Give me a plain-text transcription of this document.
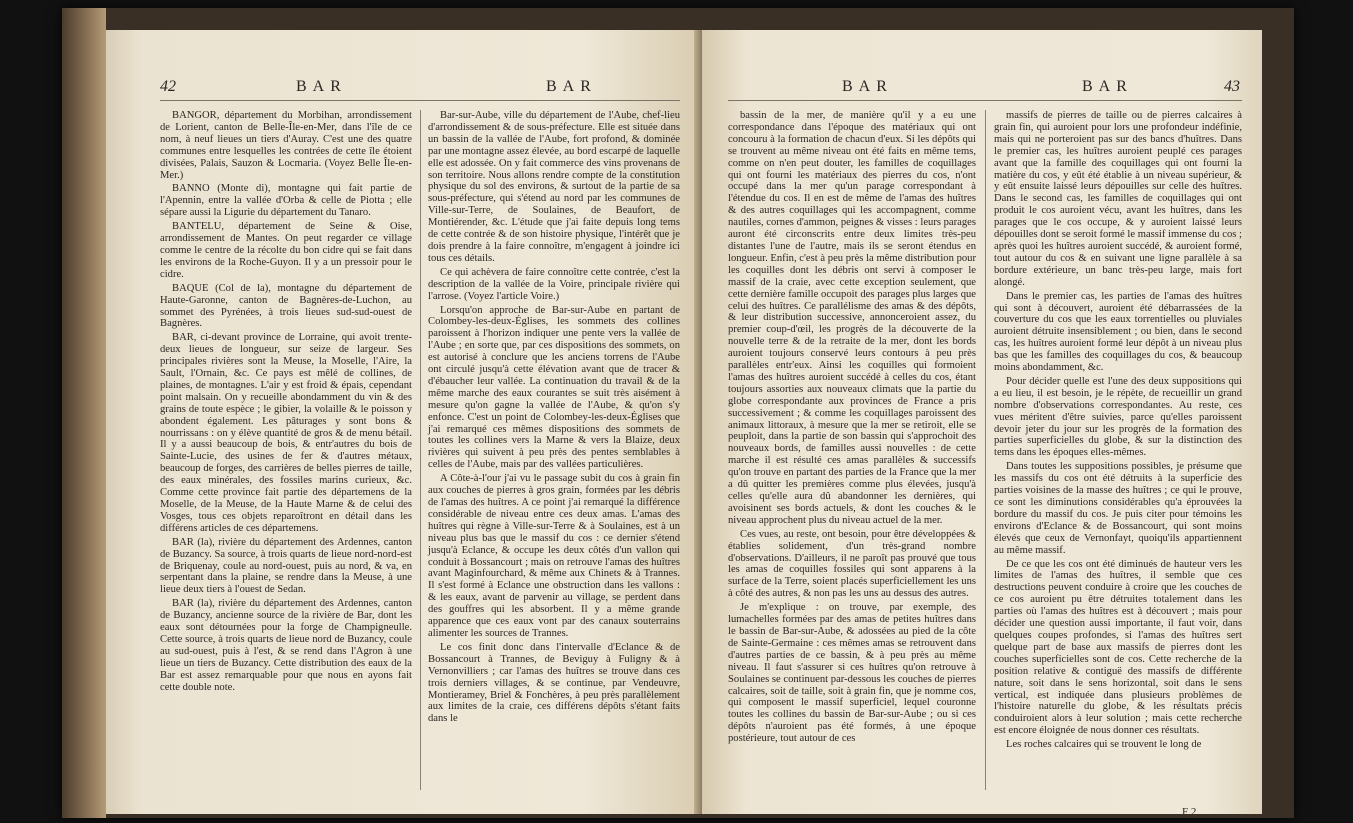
42	BAR	BAR

BANGOR, département du Morbihan, arrondissement de Lorient, canton de Belle-Île-en-Mer, dans l'île de ce nom, à neuf lieues un tiers d'Auray. C'est une des quatre communes entre lesquelles les contrées de cette île étoient divisées, Palais, Sauzon & Locmaria. (Voyez Belle Île-en-Mer.)

BANNO (Monte di), montagne qui fait partie de l'Apennin, entre la vallée d'Orba & celle de Piotta ; elle sépare aussi la Ligurie du département du Tanaro.

BANTELU, département de Seine & Oise, arrondissement de Mantes. On peut regarder ce village comme le centre de la récolte du bon cidre qui se fait dans les environs de la Roche-Guyon. Il y a un pressoir pour le cidre.

BAQUE (Col de la), montagne du département de Haute-Garonne, canton de Bagnères-de-Luchon, au sommet des Pyrénées, à trois lieues sud-sud-ouest de Bagnères.

BAR, ci-devant province de Lorraine, qui avoit trente-deux lieues de longueur, sur seize de largeur. Ses principales rivières sont la Meuse, la Moselle, l'Aire, la Sault, l'Ornain, &c. Ce pays est mêlé de collines, de plaines, de montagnes. L'air y est froid & épais, cependant point malsain. On y recueille abondamment du vin & des grains de toute espèce ; le gibier, la volaille & le poisson y abondent également. Les pâturages y sont bons & nourrissans : on y élève quantité de gros & de menu bétail. Il y a aussi beaucoup de bois, & entr'autres du bois de Sainte-Lucie, des usines de fer & d'autres métaux, beaucoup de forges, des carrières de belles pierres de taille, des eaux minérales, des fossiles marins curieux, &c. Comme cette province fait partie des départemens de la Moselle, de la Meuse, de la Haute Marne & de celui des Vosges, tous ces objets reparoîtront en détail dans les différens articles de ces départemens.

BAR (la), rivière du département des Ardennes, canton de Buzancy. Sa source, à trois quarts de lieue nord-nord-est de Briquenay, coule au nord-ouest, puis au nord, & va, en serpentant dans la plaine, se rendre dans la Meuse, à une lieue deux tiers à l'ouest de Sedan.

BAR (la), rivière du département des Ardennes, canton de Buzancy, ancienne source de la rivière de Bar, dont les eaux sont détournées pour la forge de Champigneulle. Cette source, à trois quarts de lieue nord de Buzancy, coule au sud-ouest, puis à l'est, & se rend dans l'Agron à une lieue un tiers de Buzancy. Cette distribution des eaux de la Bar est assez remarquable pour que nous en ayons fait cette double note.

Bar-sur-Aube, ville du département de l'Aube, chef-lieu d'arrondissement & de sous-préfecture. Elle est située dans un bassin de la vallée de l'Aube, fort profond, & dominée par une montagne assez élevée, au bord escarpé de laquelle elle est adossée. On y fait commerce des vins provenans de son territoire. Nous allons rendre compte de la constitution physique du sol des environs, & surtout de la partie de sa sous-préfecture, qui s'étend au nord par les communes de Ville-sur-Terre, de Soulaines, de Beaufort, de Montiérender, &c. L'étude que j'ai faite depuis long tems de cette contrée & de son histoire physique, l'intérêt que je dois prendre à la faire connoître, m'engagent à joindre ici tous ces détails.

Ce qui achèvera de faire connoître cette contrée, c'est la description de la vallée de la Voire, principale rivière qui l'arrose. (Voyez l'article Voire.)

Lorsqu'on approche de Bar-sur-Aube en partant de Colombey-les-deux-Églises, les sommets des collines paroissent à l'horizon indiquer une pente vers la vallée de l'Aube ; en sorte que, par ces dispositions des sommets, on est autorisé à conclure que les anciens torrens de l'Aube ont circulé jusqu'à cette élévation avant que de tracer & d'ébaucher leur vallée. La continuation du travail & de la même marche des eaux courantes se suit très aisément à mesure qu'on gagne la vallée de l'Aube, & qu'on s'y enfonce. C'est un point de Colombey-les-deux-Églises que j'ai remarqué ces mêmes dispositions des sommets de toutes les collines vers la Marne & vers la Blaize, deux rivières qui suivent à peu près des pentes semblables à celles de l'Aube, mais par des vallées particulières.

A Côte-à-l'our j'ai vu le passage subit du cos à grain fin aux couches de pierres à gros grain, formées par les débris de l'amas des huîtres. A ce point j'ai remarqué la différence considérable de niveau entre ces deux amas. L'amas des huîtres qui règne à Ville-sur-Terre & à Soulaines, est à un niveau plus bas que le massif du cos : ce dernier s'étend jusqu'à Eclance, & occupe les deux côtés d'un vallon qui conduit à Bossancourt ; mais on retrouve l'amas des huîtres avant Maginfourchard, & même aux Chinets & à Trannes. Il s'est formé à Eclance une obstruction dans les vallons : & les eaux, avant de parvenir au village, se perdent dans des gouffres qui les absorbent. Il y a même grande apparence que ces eaux vont par des canaux souterrains alimenter les sources de Trannes.

Le cos finit donc dans l'intervalle d'Eclance & de Bossancourt à Trannes, de Beviguy à Fuligny & à Vernonvilliers ; car l'amas des huîtres se trouve dans ces trois derniers villages, & se continue, par Vendeuvre, Montieramey, Briel & Fonchères, à peu près parallèlement aux limites de la craie, ces différens dépôts s'étant faits dans le

BAR	BAR	43

bassin de la mer, de manière qu'il y a eu une correspondance dans l'époque des matériaux qui ont concouru à la formation de chacun d'eux. Si les dépôts qui se trouvent au même niveau ont été faits en même tems, comme on n'en peut douter, les familles de coquillages qui ont fourni les matériaux des pierres du cos, n'ont occupé dans la mer qu'un parage correspondant à l'étendue du cos. Il en est de même de l'amas des huîtres & des autres coquillages qui les accompagnent, comme nautiles, cornes d'ammon, peignes & visses : leurs parages auront été circonscrits entre deux limites très-peu distantes l'une de l'autre, mais ils se seront étendus en longueur. Enfin, c'est à peu près la même distribution pour les coquilles dont les débris ont servi à composer le massif de la craie, avec cette exception seulement, que cette dernière famille occupoit des parages plus larges que celui des huîtres. Ce parallélisme des amas & des dépôts, & leur distribution successive, annonceroient assez, du premier coup-d'œil, les progrès de la découverte de la nouvelle terre & de la retraite de la mer, dont les bords auroient toujours conservé leurs contours à peu près parallèles entr'eux. Ainsi les coquilles qui formoient l'amas des huîtres auroient succédé à celles du cos, étant toujours assorties aux nouveaux climats que la partie du globe correspondante aux provinces de France a pris successivement ; & comme les coquillages paroissent des animaux littoraux, à mesure que la mer se retiroit, elle se peuploit, dans la partie de son bassin qui s'approchoit des nouveaux bords, de familles aussi nouvelles : de cette marche il est résulté ces amas parallèles & successifs qu'on trouve en partant des parties de la France que la mer a dû quitter les premières comme plus élevées, jusqu'à celles qu'elle aura dû abandonner les dernières, qui avoisinent ses bords actuels, & dont les couches & le niveau approchent plus du niveau actuel de la mer.

Ces vues, au reste, ont besoin, pour être développées & établies solidement, d'un très-grand nombre d'observations. D'ailleurs, il ne paroît pas prouvé que tous les amas de coquilles fossiles qui sont apparens à la surface de la Terre, soient placés superficiellement les uns à côté des autres, & non pas les uns au dessus des autres.

Je m'explique : on trouve, par exemple, des lumachelles formées par des amas de petites huîtres dans le bassin de Bar-sur-Aube, & adossées au pied de la côte de Sainte-Germaine : ces mêmes amas se retrouvent dans d'autres parties de ce bassin, & à peu près au même niveau. Il faut s'assurer si ces huîtres qu'on retrouve à Soulaines se continuent par-dessous les couches de pierres calcaires, soit de taille, soit à grain fin, que je nomme cos, qui composent le massif superficiel, lequel couronne toutes les collines du bassin de Bar-sur-Aube ; ou si ces dépôts n'auroient pas été formés, à une époque postérieure, tout autour de ces

massifs de pierres de taille ou de pierres calcaires à grain fin, qui auroient pour lors une profondeur indéfinie, mais qui ne porteroient pas sur des bancs d'huîtres. Dans le premier cas, les huîtres auroient peuplé ces parages avant que la famille des coquillages qui ont fourni la matière du cos, y eût été établie à un niveau supérieur, & y eût ensuite laissé leurs dépouilles sur celle des huîtres. Dans le second cas, les familles de coquillages qui ont produit le cos auroient vécu, avant les huîtres, dans les parages que le cos occupe, & y auroient laissé leurs dépouilles dont se seroit formé le massif immense du cos ; après quoi les huîtres auroient succédé, & auroient formé, tout autour du cos & en suivant une ligne parallèle à sa bordure extérieure, un banc très-peu large, mais fort alongé.

Dans le premier cas, les parties de l'amas des huîtres qui sont à découvert, auroient été débarrassées de la couverture du cos que les eaux torrentielles ou pluviales auroient détruite insensiblement ; ou bien, dans le second cas, les huîtres auroient formé leur dépôt à un niveau plus bas que les familles des coquillages du cos, & beaucoup moins abondamment, &c.

Pour décider quelle est l'une des deux suppositions qui a eu lieu, il est besoin, je le répète, de recueillir un grand nombre d'observations correspondantes. Au reste, ces vues méritent d'être suivies, parce qu'elles paroissent devoir jeter du jour sur les progrès de la formation des parties superficielles du globe, & sur la distinction des tems dans les époques elles-mêmes.

Dans toutes les suppositions possibles, je présume que les massifs du cos ont été détruits à la superficie des parties voisines de la masse des huîtres ; ce qui le prouve, ce sont les diminutions considérables qu'a éprouvées la bordure du massif du cos. Je puis citer pour témoins les environs d'Eclance & de Bossancourt, qui sont moins élevés que ceux de Vernonfayt, quoiqu'ils appartiennent au même massif.

De ce que les cos ont été diminués de hauteur vers les limites de l'amas des huîtres, il semble que ces destructions peuvent conduire à croire que les couches de ce cos auroient pu être détruites totalement dans les parties où l'amas des huîtres est à découvert ; mais pour décider une question aussi importante, il faut voir, dans quelques coupes profondes, si l'amas des huîtres sert quelque part de base aux massifs de pierres dont les couches superficielles sont de cos. Cette recherche de la position relative & contiguë des massifs de différente nature, soit dans le sens horizontal, soit dans le sens vertical, est indiquée dans plusieurs problèmes de l'histoire naturelle du globe, & les résultats précis conduiroient alors à leur solution ; mais cette recherche est encore éloignée de nous donner ces résultats.

Les roches calcaires qui se trouvent le long de

F 2
